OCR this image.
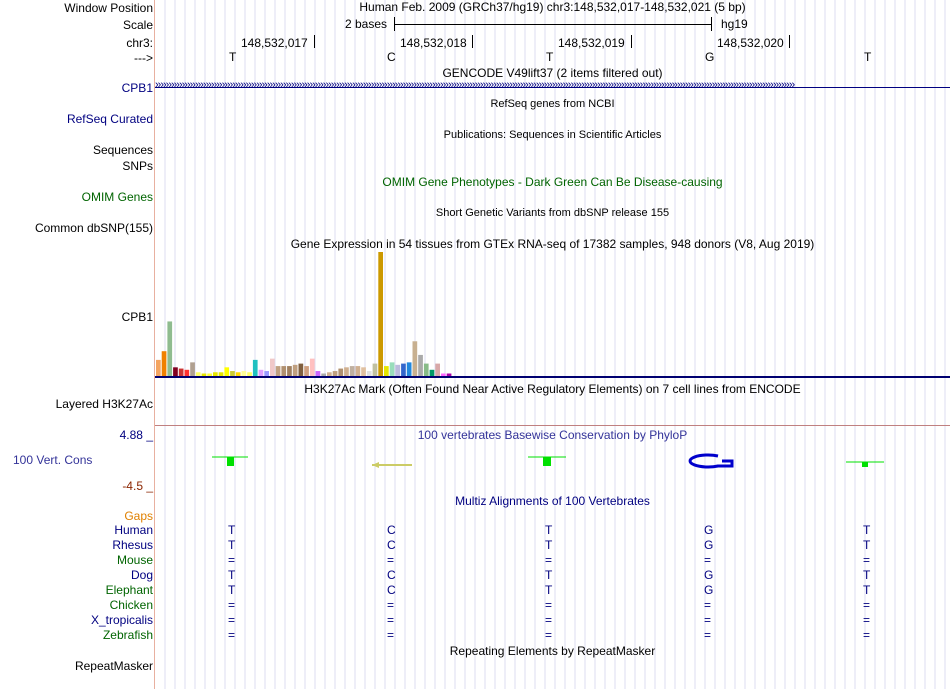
Window Position	Human Feb. 2009 (GRCh37/hg19) chr3:148,532,017-148,532,021 (5 bp)
Scale	2 bases	hg19
chr3:	148,532,017	148,532,018	148,532,019	148,532,020
--->	T	C	T	G	T
GENCODE V49lift37 (2 items filtered out)
CPB1 ››››››››››››››››››››››››››››››››››››››››››››››››››››››››››››››››››››››››››››››››››››››››››››››››››››››››››››››››››››››››››››››››››››››››››››››››››››››››››››››››››››››››››››››››››››››››››››››››››››››››››››››››››››››››››››››››››››››››››››››››
RefSeq genes from NCBI
RefSeq Curated
Publications: Sequences in Scientific Articles
Sequences
SNPs
OMIM Gene Phenotypes - Dark Green Can Be Disease-causing
OMIM Genes
Short Genetic Variants from dbSNP release 155
Common dbSNP(155)
Gene Expression in 54 tissues from GTEx RNA-seq of 17382 samples, 948 donors (V8, Aug 2019)
CPB1
H3K27Ac Mark (Often Found Near Active Regulatory Elements) on 7 cell lines from ENCODE
Layered H3K27Ac
100 vertebrates Basewise Conservation by PhyloP
4.88 _
100 Vert. Cons
-4.5 _
Multiz Alignments of 100 Vertebrates
Gaps
Human	T	C	T	G	T
Rhesus	T	C	T	G	T
Mouse	=	=	=	=	=
Dog	T	C	T	G	T
Elephant	T	C	T	G	T
Chicken	=	=	=	=	=
X_tropicalis	=	=	=	=	=
Zebrafish	=	=	=	=	=
Repeating Elements by RepeatMasker
RepeatMasker
